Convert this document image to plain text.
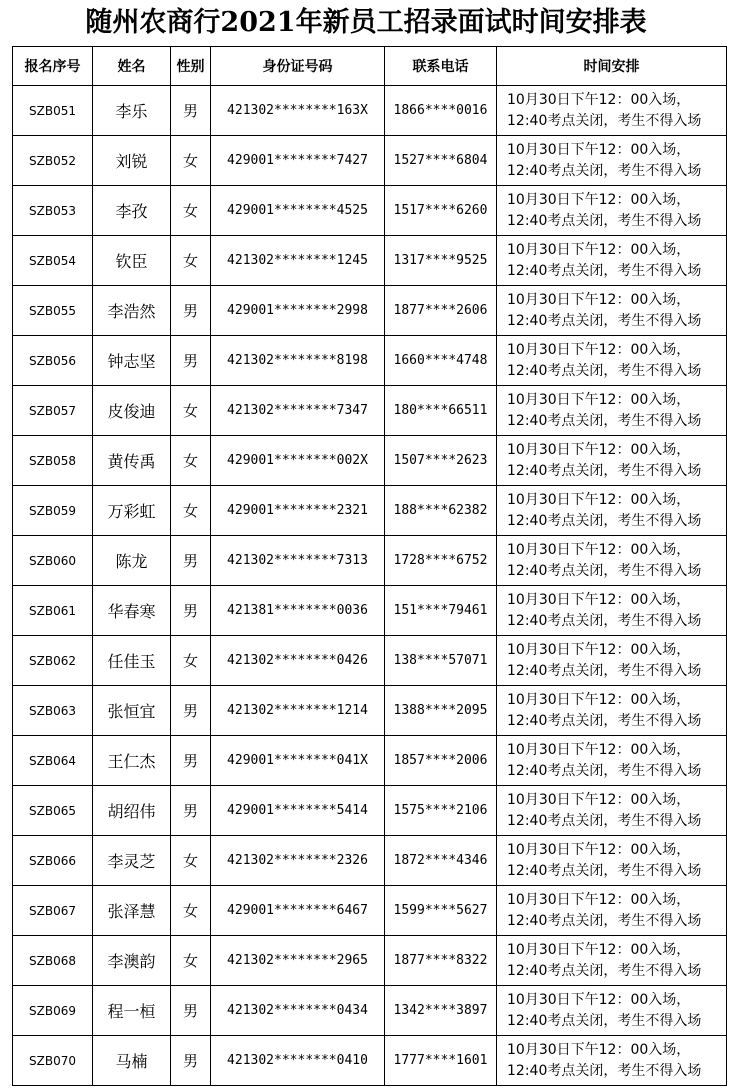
随州农商行2021年新员工招录面试时间安排表
报名序号	姓名	性别	身份证号码	联系电话	时间安排
SZB051	李乐	男	421302********163X	1866****0016	10月30日下午12：00入场，
12:40考点关闭，考生不得入场

SZB052	刘锐	女	429001********7427	1527****6804	10月30日下午12：00入场，
12:40考点关闭，考生不得入场

SZB053	李孜	女	429001********4525	1517****6260	10月30日下午12：00入场，
12:40考点关闭，考生不得入场

SZB054	钦臣	女	421302********1245	1317****9525	10月30日下午12：00入场，
12:40考点关闭，考生不得入场

SZB055	李浩然	男	429001********2998	1877****2606	10月30日下午12：00入场，
12:40考点关闭，考生不得入场

SZB056	钟志坚	男	421302********8198	1660****4748	10月30日下午12：00入场，
12:40考点关闭，考生不得入场

SZB057	皮俊迪	女	421302********7347	180****66511	10月30日下午12：00入场，
12:40考点关闭，考生不得入场

SZB058	黄传禹	女	429001********002X	1507****2623	10月30日下午12：00入场，
12:40考点关闭，考生不得入场

SZB059	万彩虹	女	429001********2321	188****62382	10月30日下午12：00入场，
12:40考点关闭，考生不得入场

SZB060	陈龙	男	421302********7313	1728****6752	10月30日下午12：00入场，
12:40考点关闭，考生不得入场

SZB061	华春寒	男	421381********0036	151****79461	10月30日下午12：00入场，
12:40考点关闭，考生不得入场

SZB062	任佳玉	女	421302********0426	138****57071	10月30日下午12：00入场，
12:40考点关闭，考生不得入场

SZB063	张恒宜	男	421302********1214	1388****2095	10月30日下午12：00入场，
12:40考点关闭，考生不得入场

SZB064	王仁杰	男	429001********041X	1857****2006	10月30日下午12：00入场，
12:40考点关闭，考生不得入场

SZB065	胡绍伟	男	429001********5414	1575****2106	10月30日下午12：00入场，
12:40考点关闭，考生不得入场

SZB066	李灵芝	女	421302********2326	1872****4346	10月30日下午12：00入场，
12:40考点关闭，考生不得入场

SZB067	张泽慧	女	429001********6467	1599****5627	10月30日下午12：00入场，
12:40考点关闭，考生不得入场

SZB068	李澳韵	女	421302********2965	1877****8322	10月30日下午12：00入场，
12:40考点关闭，考生不得入场

SZB069	程一桓	男	421302********0434	1342****3897	10月30日下午12：00入场，
12:40考点关闭，考生不得入场

SZB070	马楠	男	421302********0410	1777****1601	10月30日下午12：00入场，
12:40考点关闭，考生不得入场
